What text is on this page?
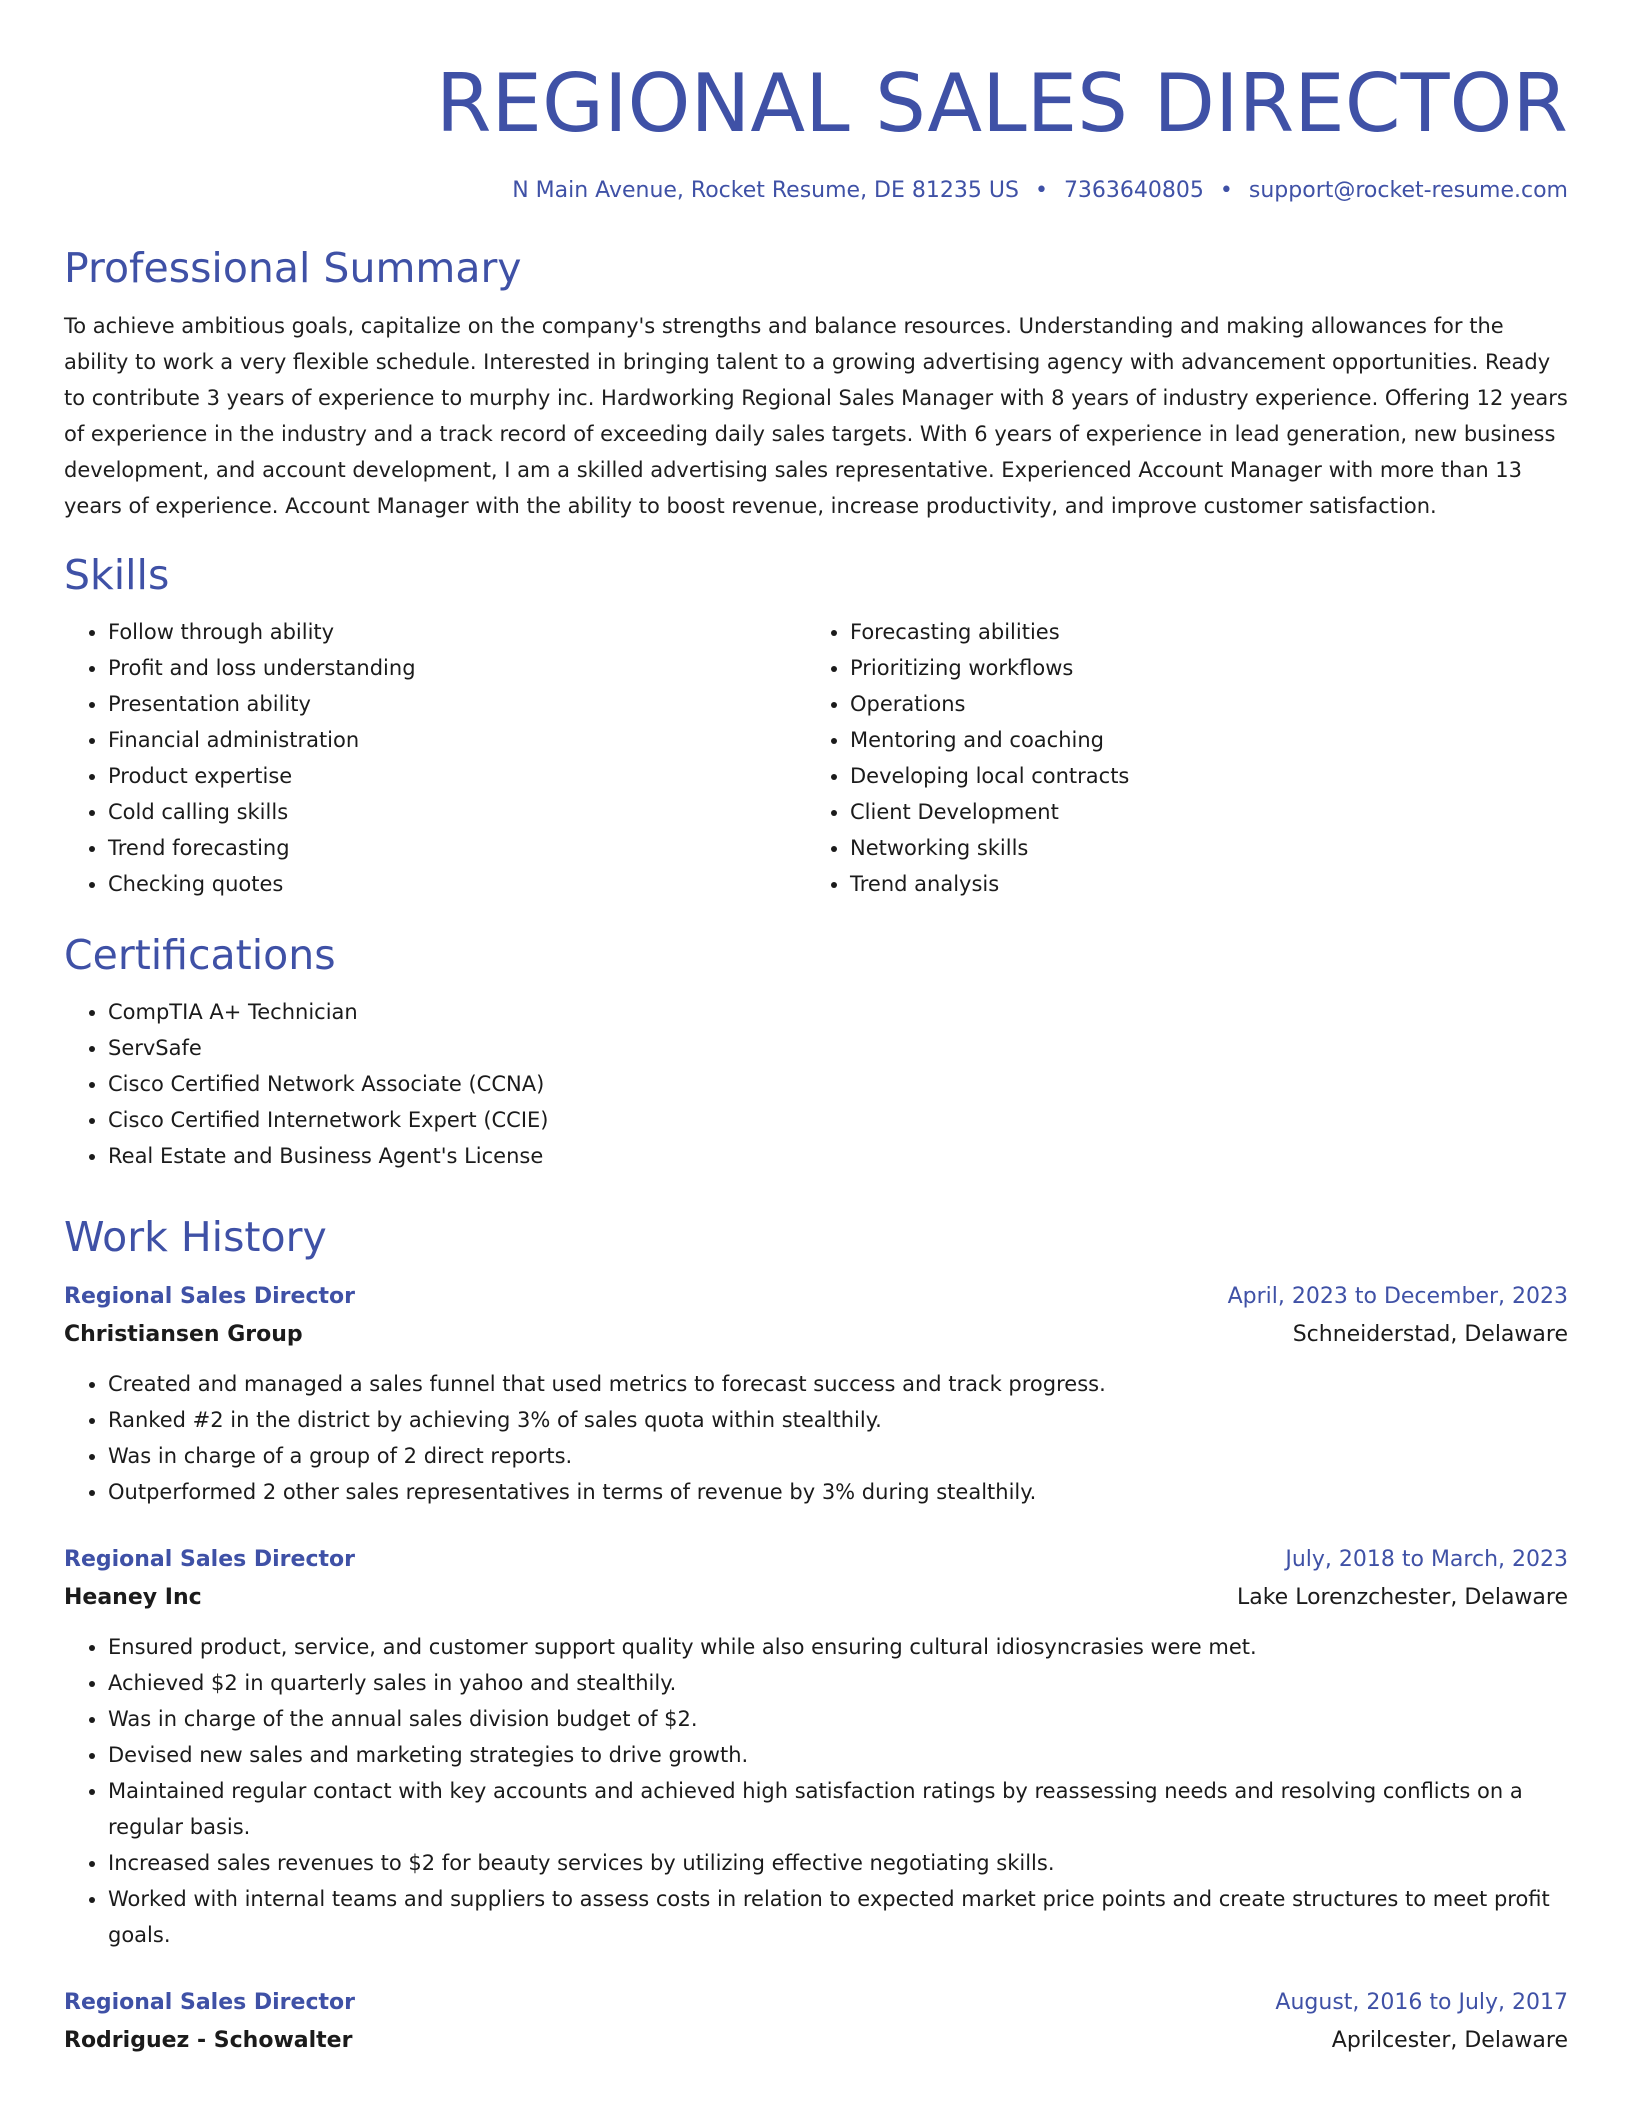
REGIONAL SALES DIRECTOR
N Main Avenue, Rocket Resume, DE 81235 US • 7363640805 • support@rocket-resume.com
Professional Summary
To achieve ambitious goals, capitalize on the company's strengths and balance resources. Understanding and making allowances for the ability to work a very flexible schedule. Interested in bringing talent to a growing advertising agency with advancement opportunities. Ready to contribute 3 years of experience to murphy inc. Hardworking Regional Sales Manager with 8 years of industry experience. Offering 12 years of experience in the industry and a track record of exceeding daily sales targets. With 6 years of experience in lead generation, new business development, and account development, I am a skilled advertising sales representative. Experienced Account Manager with more than 13 years of experience. Account Manager with the ability to boost revenue, increase productivity, and improve customer satisfaction.
Skills
• Follow through ability
• Profit and loss understanding
• Presentation ability
• Financial administration
• Product expertise
• Cold calling skills
• Trend forecasting
• Checking quotes
• Forecasting abilities
• Prioritizing workflows
• Operations
• Mentoring and coaching
• Developing local contracts
• Client Development
• Networking skills
• Trend analysis
Certifications
• CompTIA A+ Technician
• ServSafe
• Cisco Certified Network Associate (CCNA)
• Cisco Certified Internetwork Expert (CCIE)
• Real Estate and Business Agent's License
Work History
Regional Sales Director	April, 2023 to December, 2023
Christiansen Group	Schneiderstad, Delaware
• Created and managed a sales funnel that used metrics to forecast success and track progress.
• Ranked #2 in the district by achieving 3% of sales quota within stealthily.
• Was in charge of a group of 2 direct reports.
• Outperformed 2 other sales representatives in terms of revenue by 3% during stealthily.
Regional Sales Director	July, 2018 to March, 2023
Heaney Inc	Lake Lorenzchester, Delaware
• Ensured product, service, and customer support quality while also ensuring cultural idiosyncrasies were met.
• Achieved $2 in quarterly sales in yahoo and stealthily.
• Was in charge of the annual sales division budget of $2.
• Devised new sales and marketing strategies to drive growth.
• Maintained regular contact with key accounts and achieved high satisfaction ratings by reassessing needs and resolving conflicts on a regular basis.
• Increased sales revenues to $2 for beauty services by utilizing effective negotiating skills.
• Worked with internal teams and suppliers to assess costs in relation to expected market price points and create structures to meet profit goals.
Regional Sales Director	August, 2016 to July, 2017
Rodriguez - Schowalter	Aprilcester, Delaware
